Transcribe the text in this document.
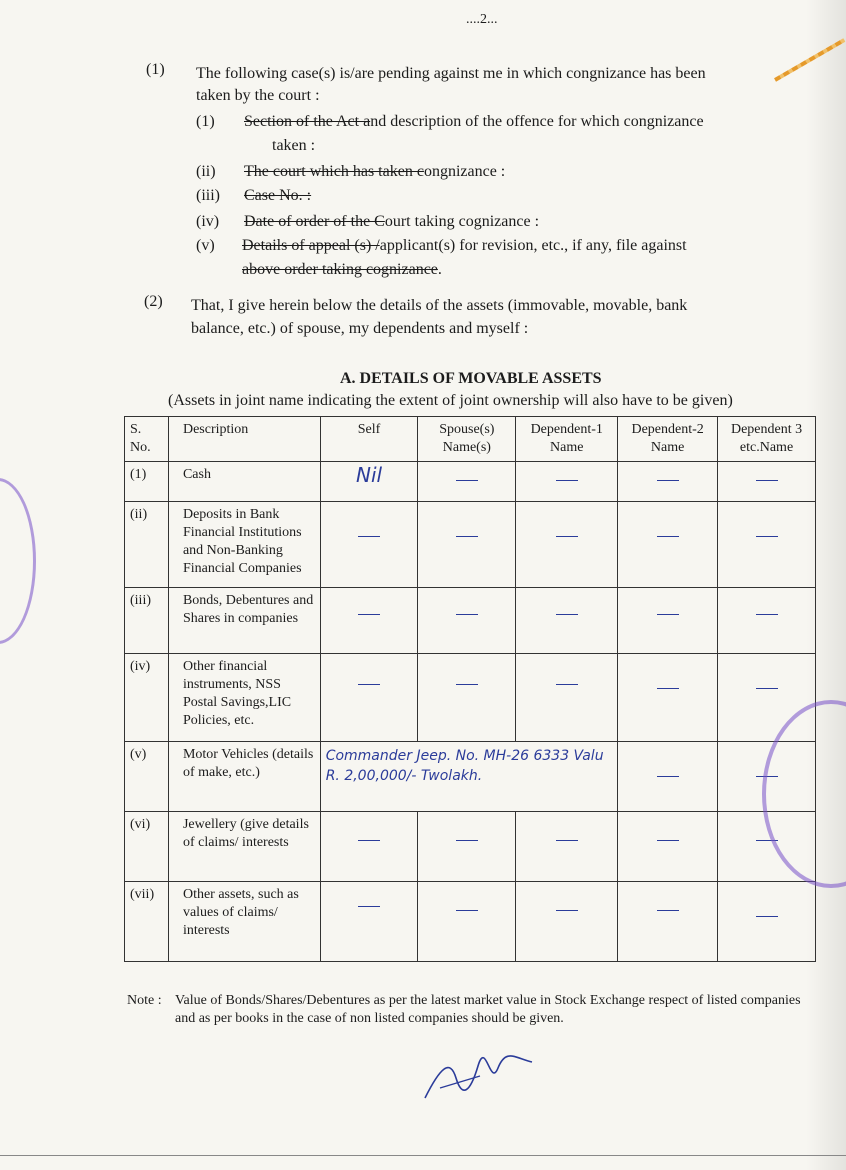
....2...
(1) The following case(s) is/are pending against me in which congnizance has been
taken by the court :
(1) Section of the Act and description of the offence for which congnizance
taken :
(ii) The court which has taken congnizance :
(iii) Case No. :
(iv) Date of order of the Court taking cognizance :
(v) Details of appeal (s) /applicant(s) for revision, etc., if any, file against
above order taking cognizance.
(2) That, I give herein below the details of the assets (immovable, movable, bank
balance, etc.) of spouse, my dependents and myself :
A. DETAILS OF MOVABLE ASSETS
(Assets in joint name indicating the extent of joint ownership will also have to be given)
S. No.	Description	Self	Spouse(s) Name(s)	Dependent-1 Name	Dependent-2 Name	Dependent 3 etc.Name
(1)	Cash	Nil				
(ii)	Deposits in Bank Financial Institutions and Non-Banking Financial Companies					
(iii)	Bonds, Debentures and Shares in companies					
(iv)	Other financial instruments, NSS Postal Savings,LIC Policies, etc.					
(v)	Motor Vehicles (details of make, etc.)	Commander Jeep. No. MH-26 6333 Valu R. 2,00,000/- Twolakh.				
(vi)	Jewellery (give details of claims/ interests					
(vii)	Other assets, such as values of claims/ interests					
Note : Value of Bonds/Shares/Debentures as per the latest market value in Stock Exchange respect of listed companies and as per books in the case of non listed companies should be given.
